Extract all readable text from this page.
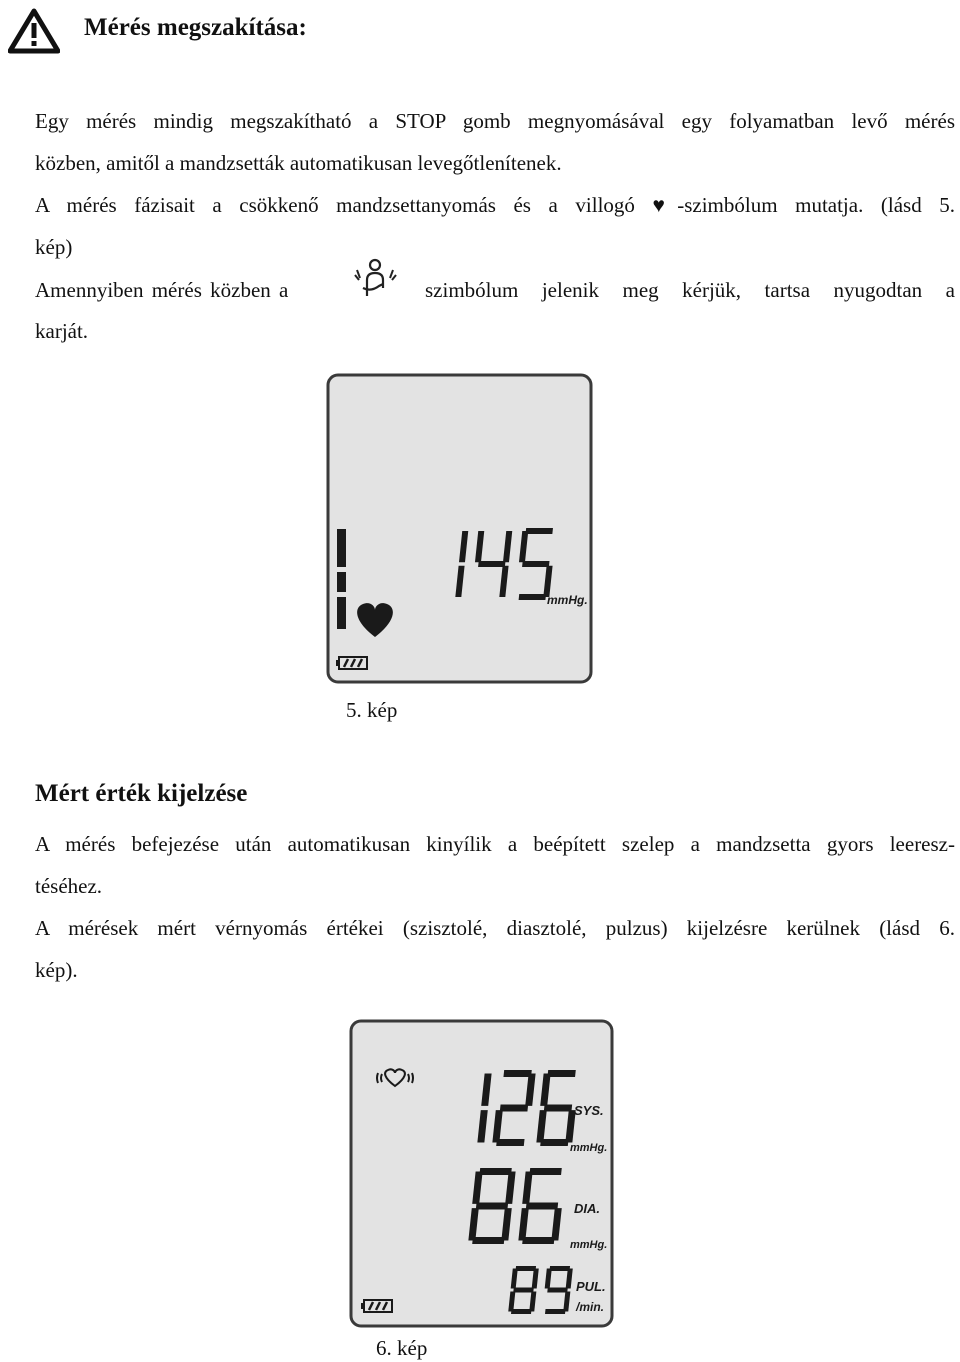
Mérés megszakítása:
Egy mérés mindig megszakítható a STOP gomb megnyomásával egy folyamatban levő mérés
közben, amitől a mandzsetták automatikusan levegőtlenítenek.
A mérés fázisait a csökkenő mandzsettanyomás és a villogó ♥-szimbólum mutatja. (lásd 5.
kép)
Amennyiben mérés közben a	szimbólum jelenik meg kérjük, tartsa nyugodtan a
karját.
mmHg.
5. kép
Mért érték kijelzése
A mérés befejezése után automatikusan kinyílik a beépített szelep a mandzsetta gyors leeresz-
téséhez.
A mérések mért vérnyomás értékei (szisztolé, diasztolé, pulzus) kijelzésre kerülnek (lásd 6.
kép).
SYS.
mmHg.
DIA.
mmHg.
PUL.
/min.
6. kép
